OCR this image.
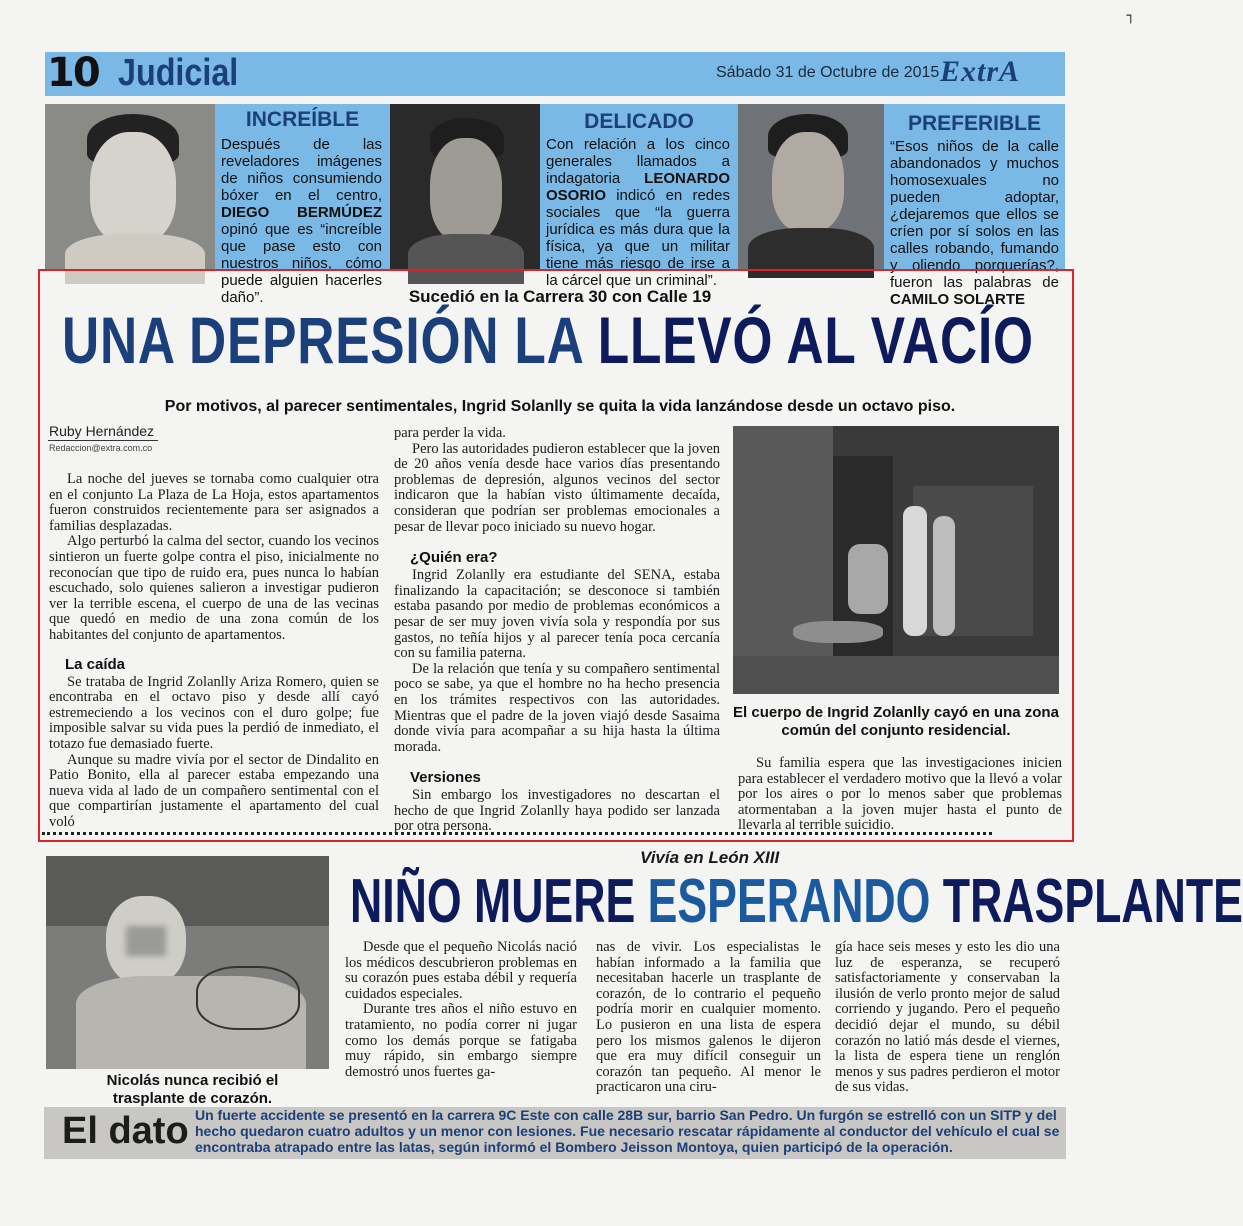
┐
10 Judicial	Sábado 31 de Octubre de 2015 ExtrA
INCREÍBLE
Después de las reveladores imágenes de niños consumiendo bóxer en el centro, DIEGO BERMÚDEZ opinó que es “increíble que pase esto con nuestros niños, cómo puede alguien hacerles daño”.
DELICADO
Con relación a los cinco generales llamados a indagatoria LEONARDO OSORIO indicó en redes sociales que “la guerra jurídica es más dura que la física, ya que un militar tiene más riesgo de irse a la cárcel que un criminal”.
PREFERIBLE
“Esos niños de la calle abandonados y muchos homosexuales no pueden adoptar, ¿dejaremos que ellos se críen por sí solos en las calles robando, fumando y oliendo porquerías?, fueron las palabras de CAMILO SOLARTE
Sucedió en la Carrera 30 con Calle 19
UNA DEPRESIÓN LA LLEVÓ AL VACÍO
Por motivos, al parecer sentimentales, Ingrid Solanlly se quita la vida lanzándose desde un octavo piso.
Ruby Hernández
Redaccion@extra.com.co

La noche del jueves se tornaba como cualquier otra en el conjunto La Plaza de La Hoja, estos apartamentos fueron construidos recientemente para ser asignados a familias desplazadas.

Algo perturbó la calma del sector, cuando los vecinos sintieron un fuerte golpe contra el piso, inicialmente no reconocían que tipo de ruido era, pues nunca lo habían escuchado, solo quienes salieron a investigar pudieron ver la terrible escena, el cuerpo de una de las vecinas que quedó en medio de una zona común de los habitantes del conjunto de apartamentos.

La caída

Se trataba de Ingrid Zolanlly Ariza Romero, quien se encontraba en el octavo piso y desde allí cayó estremeciendo a los vecinos con el duro golpe; fue imposible salvar su vida pues la perdió de inmediato, el totazo fue demasiado fuerte.

Aunque su madre vivía por el sector de Dindalito en Patio Bonito, ella al parecer estaba empezando una nueva vida al lado de un compañero sentimental con el que compartirían justamente el apartamento del cual voló

para perder la vida.

Pero las autoridades pudieron establecer que la joven de 20 años venía desde hace varios días presentando problemas de depresión, algunos vecinos del sector indicaron que la habían visto últimamente decaída, consideran que podrían ser problemas emocionales a pesar de llevar poco iniciado su nuevo hogar.

¿Quién era?

Ingrid Zolanlly era estudiante del SENA, estaba finalizando la capacitación; se desconoce si también estaba pasando por medio de problemas económicos a pesar de ser muy joven vivía sola y respondía por sus gastos, no teñía hijos y al parecer tenía poca cercanía con su familia paterna.

De la relación que tenía y su compañero sentimental poco se sabe, ya que el hombre no ha hecho presencia en los trámites respectivos con las autoridades. Mientras que el padre de la joven viajó desde Sasaima donde vivía para acompañar a su hija hasta la última morada.

Versiones

Sin embargo los investigadores no descartan el hecho de que Ingrid Zolanlly haya podido ser lanzada por otra persona.

El cuerpo de Ingrid Zolanlly cayó en una zona común del conjunto residencial.

Su familia espera que las investigaciones inicien para establecer el verdadero motivo que la llevó a volar por los aires o por lo menos saber que problemas atormentaban a la joven mujer hasta el punto de llevarla al terrible suicidio.

Nicolás nunca recibió el trasplante de corazón.
Vivía en León XIII
NIÑO MUERE ESPERANDO TRASPLANTE

Desde que el pequeño Nicolás nació los médicos descubrieron problemas en su corazón pues estaba débil y requería cuidados especiales.

Durante tres años el niño estuvo en tratamiento, no podía correr ni jugar como los demás porque se fatigaba muy rápido, sin embargo siempre demostró unos fuertes ga-

nas de vivir. Los especialistas le habían informado a la familia que necesitaban hacerle un trasplante de corazón, de lo contrario el pequeño podría morir en cualquier momento. Lo pusieron en una lista de espera pero los mismos galenos le dijeron que era muy difícil conseguir un corazón tan pequeño. Al menor le practicaron una ciru-

gía hace seis meses y esto les dio una luz de esperanza, se recuperó satisfactoriamente y conservaban la ilusión de verlo pronto mejor de salud corriendo y jugando. Pero el pequeño decidió dejar el mundo, su débil corazón no latió más desde el viernes, la lista de espera tiene un renglón menos y sus padres perdieron el motor de sus vidas.

El dato Un fuerte accidente se presentó en la carrera 9C Este con calle 28B sur, barrio San Pedro. Un furgón se estrelló con un SITP y del hecho quedaron cuatro adultos y un menor con lesiones. Fue necesario rescatar rápidamente al conductor del vehículo el cual se encontraba atrapado entre las latas, según informó el Bombero Jeisson Montoya, quien participó de la operación.
